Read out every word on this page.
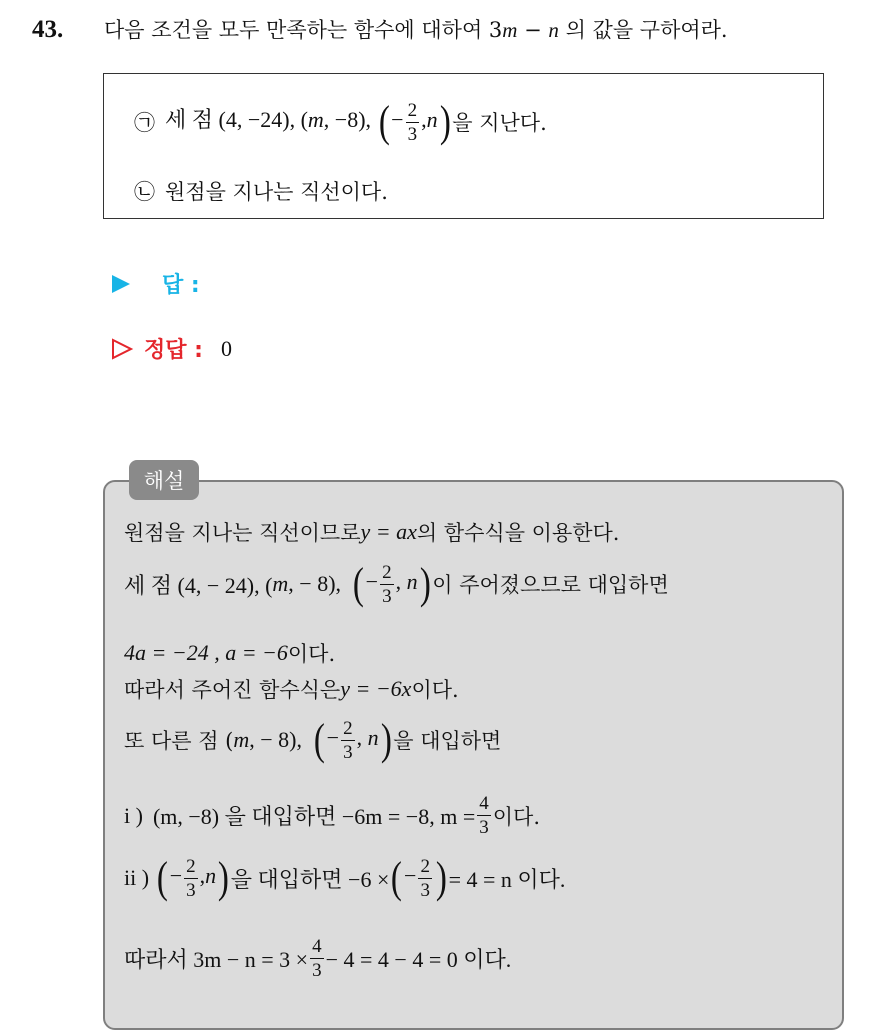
43.	다음 조건을 모두 만족하는 함수에 대하여 3m − n 의 값을 구하여라.
㉠ 세 점 (4, −24), (m, −8), (− $\frac{2}{3} ,n$) 을 지난다.
㉡ 원점을 지나는 직선이다.
답 :
정답 : 0
해설
원점을 지나는 직선이므로 y = ax 의 함수식을 이용한다.
세 점 (4, − 24), ( m , − 8), (− $\frac{2}{3}$ , n) 이 주어졌으므로 대입하면
4a = −24 , a = −6 이다.
따라서 주어진 함수식은 y = −6x 이다.
또 다른 점 ( m , − 8), (− $\frac{2}{3}$ , n) 을 대입하면
i ) (m, −8) 을 대입하면 −6m = −8, $m = \frac{4}{3}$ 이다.
ii ) (− $\frac{2}{3} ,n$) 을 대입하면 −6 × (− $\frac{2}{3}$ ) = 4 = n 이다.
따라서 $3m - n = 3 \times \frac{4}{3} - 4 = 4 - 4 = 0$ 이다.
